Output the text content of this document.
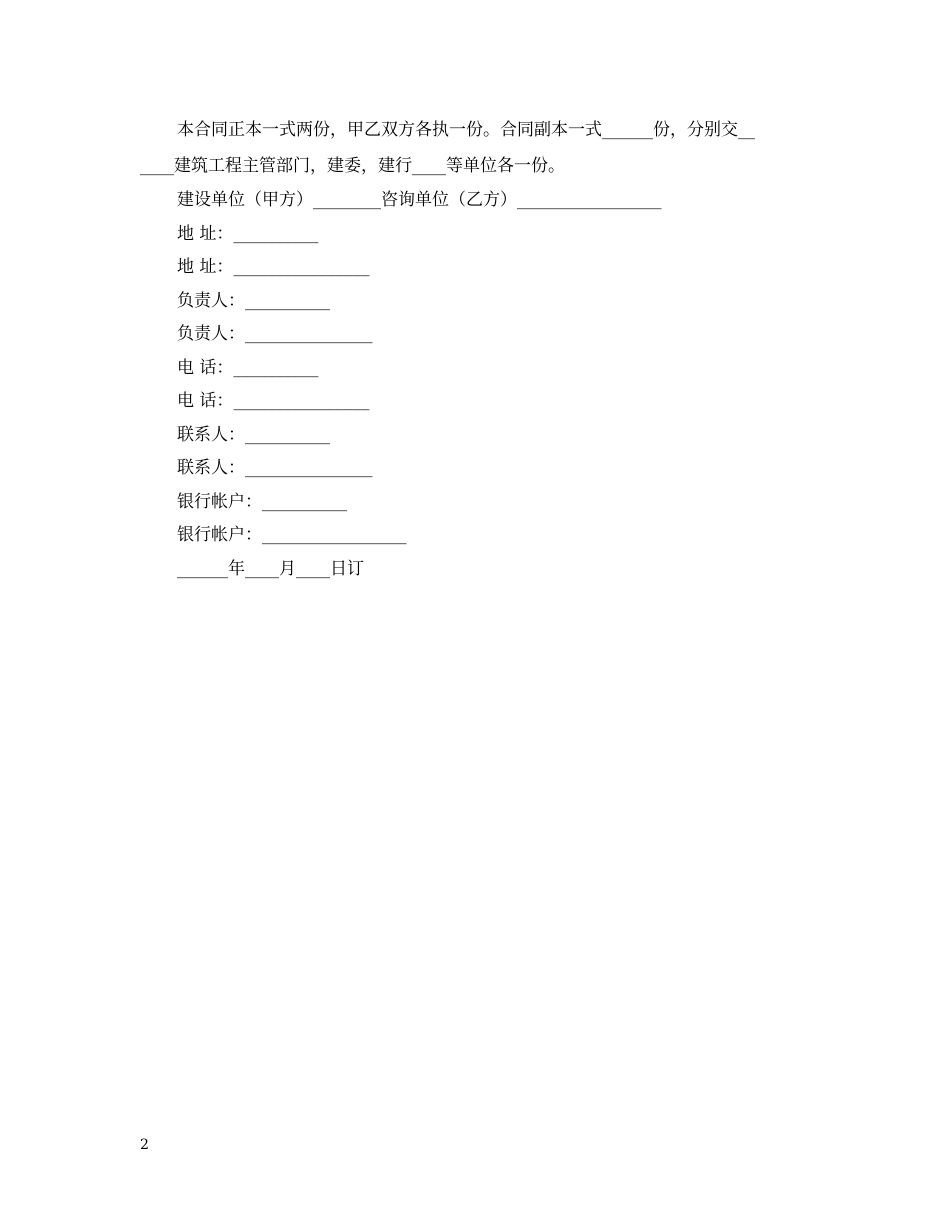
本合同正本一式两份，甲乙双方各执一份。合同副本一式______份，分别交__
____建筑工程主管部门，建委，建行____等单位各一份。
建设单位（甲方）________咨询单位（乙方）_________________
地 址：__________
地 址：________________
负责人：__________
负责人：_______________
电 话：__________
电 话：________________
联系人：__________
联系人：_______________
银行帐户：__________
银行帐户：_________________
______年____月____日订
2
